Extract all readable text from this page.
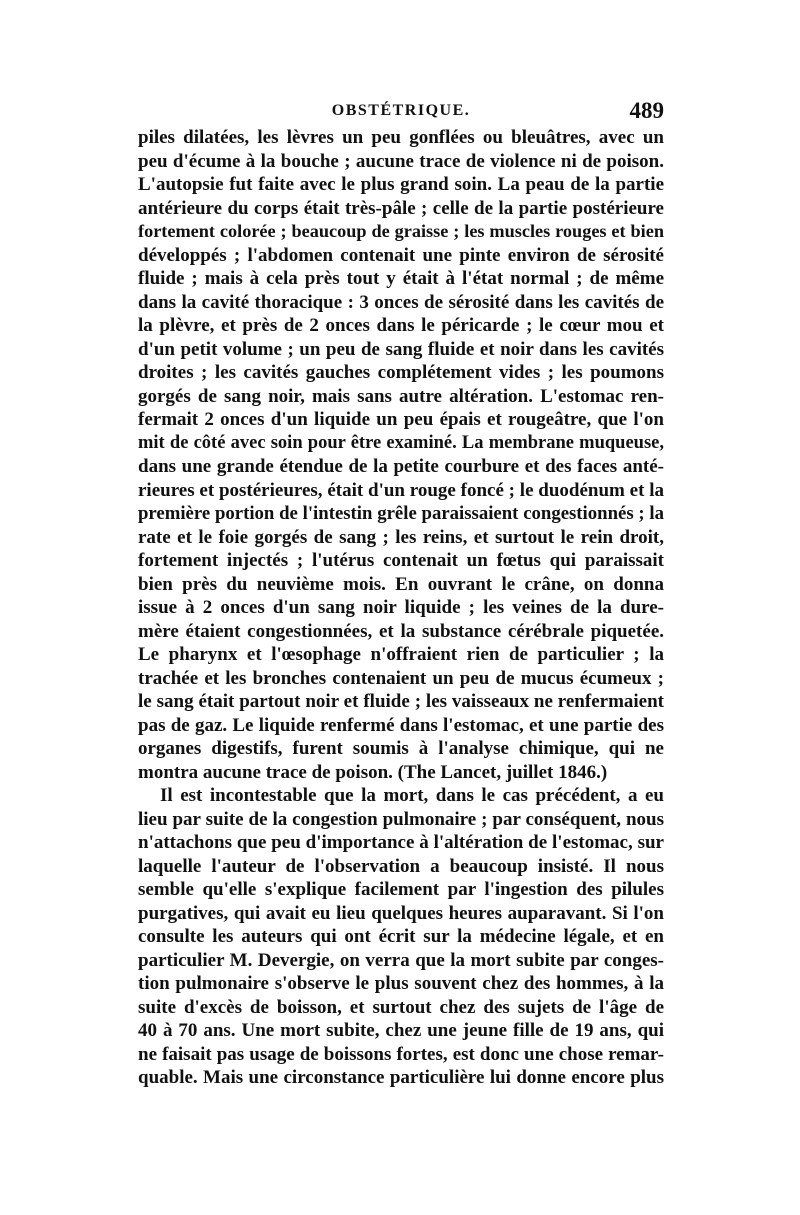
OBSTÉTRIQUE.	489
piles dilatées, les lèvres un peu gonflées ou bleuâtres, avec un
peu d'écume à la bouche ; aucune trace de violence ni de poison.
L'autopsie fut faite avec le plus grand soin. La peau de la partie
antérieure du corps était très-pâle ; celle de la partie postérieure
fortement colorée ; beaucoup de graisse ; les muscles rouges et bien
développés ; l'abdomen contenait une pinte environ de sérosité
fluide ; mais à cela près tout y était à l'état normal ; de même
dans la cavité thoracique : 3 onces de sérosité dans les cavités de
la plèvre, et près de 2 onces dans le péricarde ; le cœur mou et
d'un petit volume ; un peu de sang fluide et noir dans les cavités
droites ; les cavités gauches complétement vides ; les poumons
gorgés de sang noir, mais sans autre altération. L'estomac ren-
fermait 2 onces d'un liquide un peu épais et rougeâtre, que l'on
mit de côté avec soin pour être examiné. La membrane muqueuse,
dans une grande étendue de la petite courbure et des faces anté-
rieures et postérieures, était d'un rouge foncé ; le duodénum et la
première portion de l'intestin grêle paraissaient congestionnés ; la
rate et le foie gorgés de sang ; les reins, et surtout le rein droit,
fortement injectés ; l'utérus contenait un fœtus qui paraissait
bien près du neuvième mois. En ouvrant le crâne, on donna
issue à 2 onces d'un sang noir liquide ; les veines de la dure-
mère étaient congestionnées, et la substance cérébrale piquetée.
Le pharynx et l'œsophage n'offraient rien de particulier ; la
trachée et les bronches contenaient un peu de mucus écumeux ;
le sang était partout noir et fluide ; les vaisseaux ne renfermaient
pas de gaz. Le liquide renfermé dans l'estomac, et une partie des
organes digestifs, furent soumis à l'analyse chimique, qui ne
montra aucune trace de poison. (The Lancet, juillet 1846.)
Il est incontestable que la mort, dans le cas précédent, a eu
lieu par suite de la congestion pulmonaire ; par conséquent, nous
n'attachons que peu d'importance à l'altération de l'estomac, sur
laquelle l'auteur de l'observation a beaucoup insisté. Il nous
semble qu'elle s'explique facilement par l'ingestion des pilules
purgatives, qui avait eu lieu quelques heures auparavant. Si l'on
consulte les auteurs qui ont écrit sur la médecine légale, et en
particulier M. Devergie, on verra que la mort subite par conges-
tion pulmonaire s'observe le plus souvent chez des hommes, à la
suite d'excès de boisson, et surtout chez des sujets de l'âge de
40 à 70 ans. Une mort subite, chez une jeune fille de 19 ans, qui
ne faisait pas usage de boissons fortes, est donc une chose remar-
quable. Mais une circonstance particulière lui donne encore plus
